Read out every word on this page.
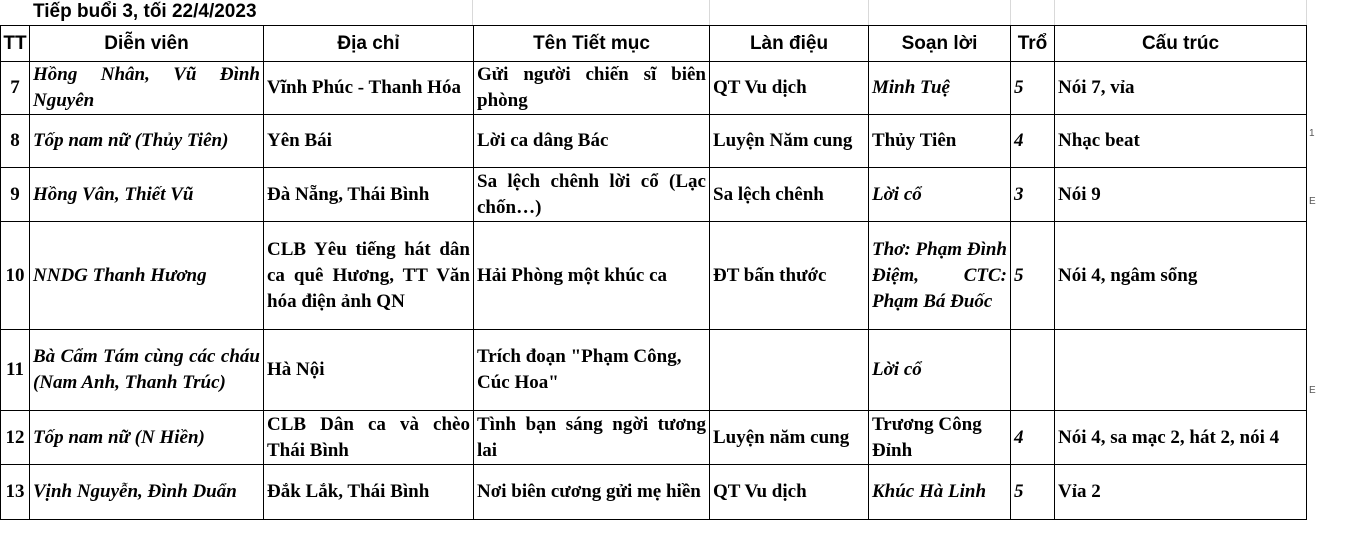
Tiếp buổi 3, tối 22/4/2023
TT	Diễn viên	Địa chỉ	Tên Tiết mục	Làn điệu	Soạn lời	Trổ	Cấu trúc
7	Hồng Nhân, Vũ Đình Nguyên	Vĩnh Phúc - Thanh Hóa	Gửi người chiến sĩ biên phòng	QT Vu dịch	Minh Tuệ	5	Nói 7, vỉa
8	Tốp nam nữ (Thủy Tiên)	Yên Bái	Lời ca dâng Bác	Luyện Năm cung	Thủy Tiên	4	Nhạc beat
9	Hồng Vân, Thiết Vũ	Đà Nẵng, Thái Bình	Sa lệch chênh lời cổ (Lạc chốn…)	Sa lệch chênh	Lời cổ	3	Nói 9
10	NNDG Thanh Hương	CLB Yêu tiếng hát dân ca quê Hương, TT Văn hóa điện ảnh QN	Hải Phòng một khúc ca	ĐT bấn thước	Thơ: Phạm Đình Điệm, CTC: Phạm Bá Đuốc	5	Nói 4, ngâm sổng
11	Bà Cẩm Tám cùng các cháu (Nam Anh, Thanh Trúc)	Hà Nội	Trích đoạn "Phạm Công, Cúc Hoa"		Lời cổ		
12	Tốp nam nữ (N Hiền)	CLB Dân ca và chèo Thái Bình	Tình bạn sáng ngời tương lai	Luyện năm cung	Trương Công Đỉnh	4	Nói 4, sa mạc 2, hát 2, nói 4
13	Vịnh Nguyễn, Đình Duẩn	Đắk Lắk, Thái Bình	Nơi biên cương gửi mẹ hiền	QT Vu dịch	Khúc Hà Linh	5	Vỉa 2
1
E
E
